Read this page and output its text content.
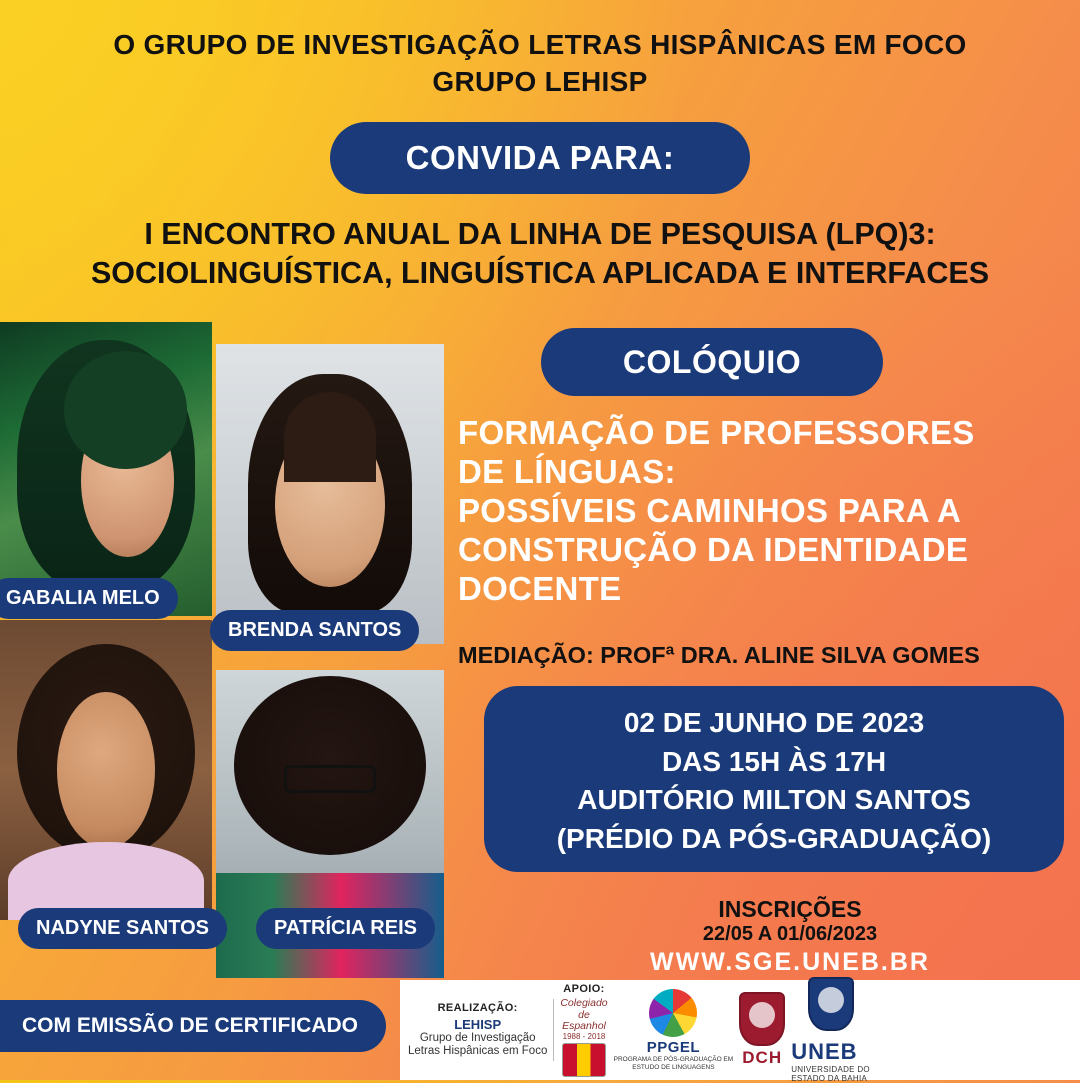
O GRUPO DE INVESTIGAÇÃO LETRAS HISPÂNICAS EM FOCO
GRUPO LEHISP
CONVIDA PARA:
I ENCONTRO ANUAL DA LINHA DE PESQUISA (LPQ)3:
SOCIOLINGUÍSTICA, LINGUÍSTICA APLICADA E INTERFACES
GABALIA MELO
BRENDA SANTOS
NADYNE SANTOS	PATRÍCIA REIS
COM EMISSÃO DE CERTIFICADO
COLÓQUIO
FORMAÇÃO DE PROFESSORES
DE LÍNGUAS:
POSSÍVEIS CAMINHOS PARA A
CONSTRUÇÃO DA IDENTIDADE
DOCENTE
MEDIAÇÃO: PROFª DRA. ALINE SILVA GOMES
02 DE JUNHO DE 2023
DAS 15H ÀS 17H
AUDITÓRIO MILTON SANTOS
(PRÉDIO DA PÓS-GRADUAÇÃO)
INSCRIÇÕES
22/05 A 01/06/2023
WWW.SGE.UNEB.BR
REALIZAÇÃO:
LEHISP
Grupo de Investigação
Letras Hispânicas em Foco
APOIO:
Colegiado
de
Espanhol
1988 - 2018
PPGEL
PROGRAMA DE PÓS-GRADUAÇÃO EM
ESTUDO DE LINGUAGENS DCH UNEB
UNIVERSIDADE DO
ESTADO DA BAHIA
